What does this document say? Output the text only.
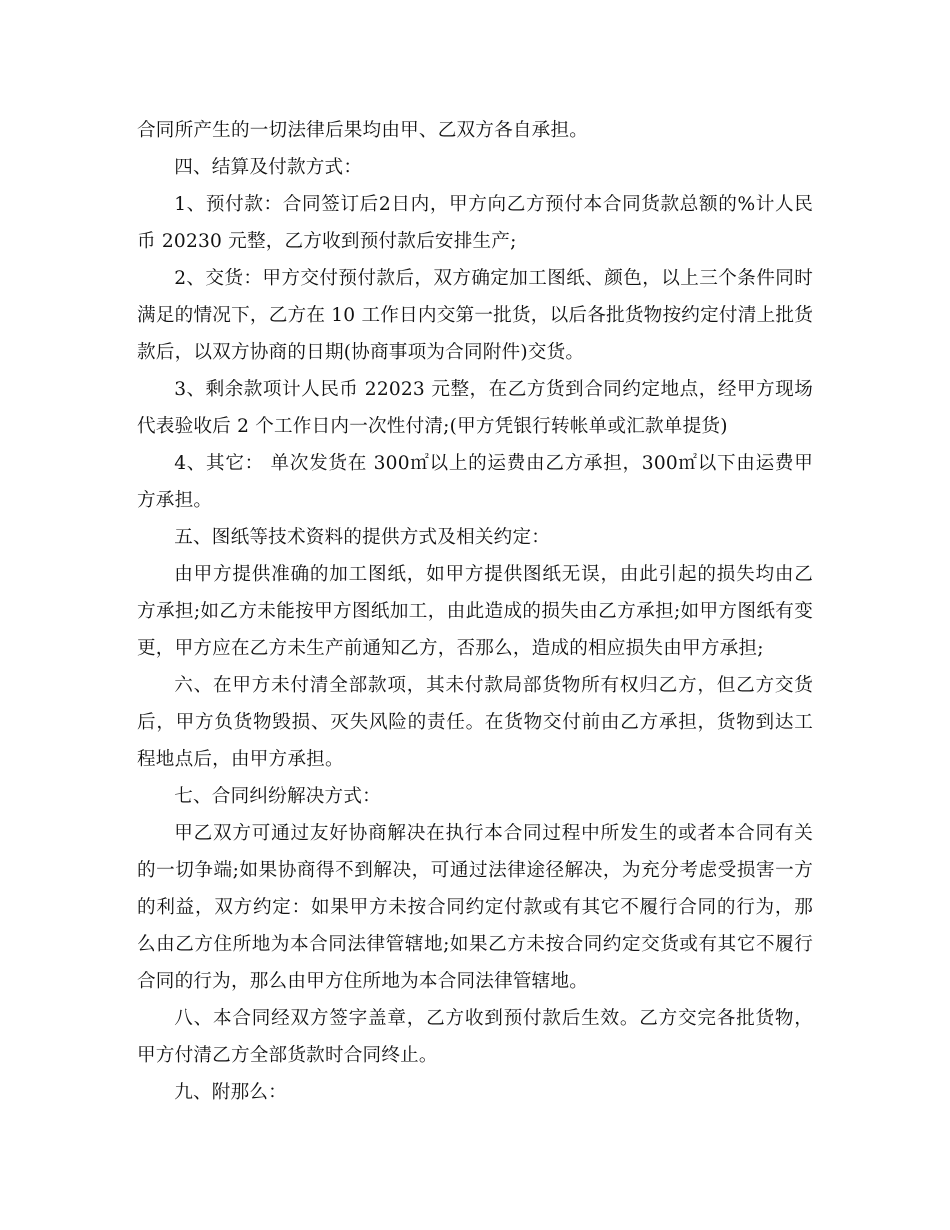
合同所产生的一切法律后果均由甲、乙双方各自承担。

四、结算及付款方式：

1、预付款：合同签订后2日内，甲方向乙方预付本合同货款总额的%计人民币 20230 元整，乙方收到预付款后安排生产;

2、交货：甲方交付预付款后，双方确定加工图纸、颜色，以上三个条件同时满足的情况下，乙方在 10 工作日内交第一批货，以后各批货物按约定付清上批货款后，以双方协商的日期(协商事项为合同附件)交货。

3、剩余款项计人民币 22023 元整，在乙方货到合同约定地点，经甲方现场代表验收后 2 个工作日内一次性付清;(甲方凭银行转帐单或汇款单提货)

4、其它： 单次发货在 300㎡以上的运费由乙方承担，300㎡以下由运费甲方承担。

五、图纸等技术资料的提供方式及相关约定：

由甲方提供准确的加工图纸，如甲方提供图纸无误，由此引起的损失均由乙方承担;如乙方未能按甲方图纸加工，由此造成的损失由乙方承担;如甲方图纸有变更，甲方应在乙方未生产前通知乙方，否那么，造成的相应损失由甲方承担;

六、在甲方未付清全部款项，其未付款局部货物所有权归乙方，但乙方交货后，甲方负货物毁损、灭失风险的责任。在货物交付前由乙方承担，货物到达工程地点后，由甲方承担。

七、合同纠纷解决方式：

甲乙双方可通过友好协商解决在执行本合同过程中所发生的或者本合同有关的一切争端;如果协商得不到解决，可通过法律途径解决，为充分考虑受损害一方的利益，双方约定：如果甲方未按合同约定付款或有其它不履行合同的行为，那么由乙方住所地为本合同法律管辖地;如果乙方未按合同约定交货或有其它不履行合同的行为，那么由甲方住所地为本合同法律管辖地。

八、本合同经双方签字盖章，乙方收到预付款后生效。乙方交完各批货物，甲方付清乙方全部货款时合同终止。

九、附那么：
